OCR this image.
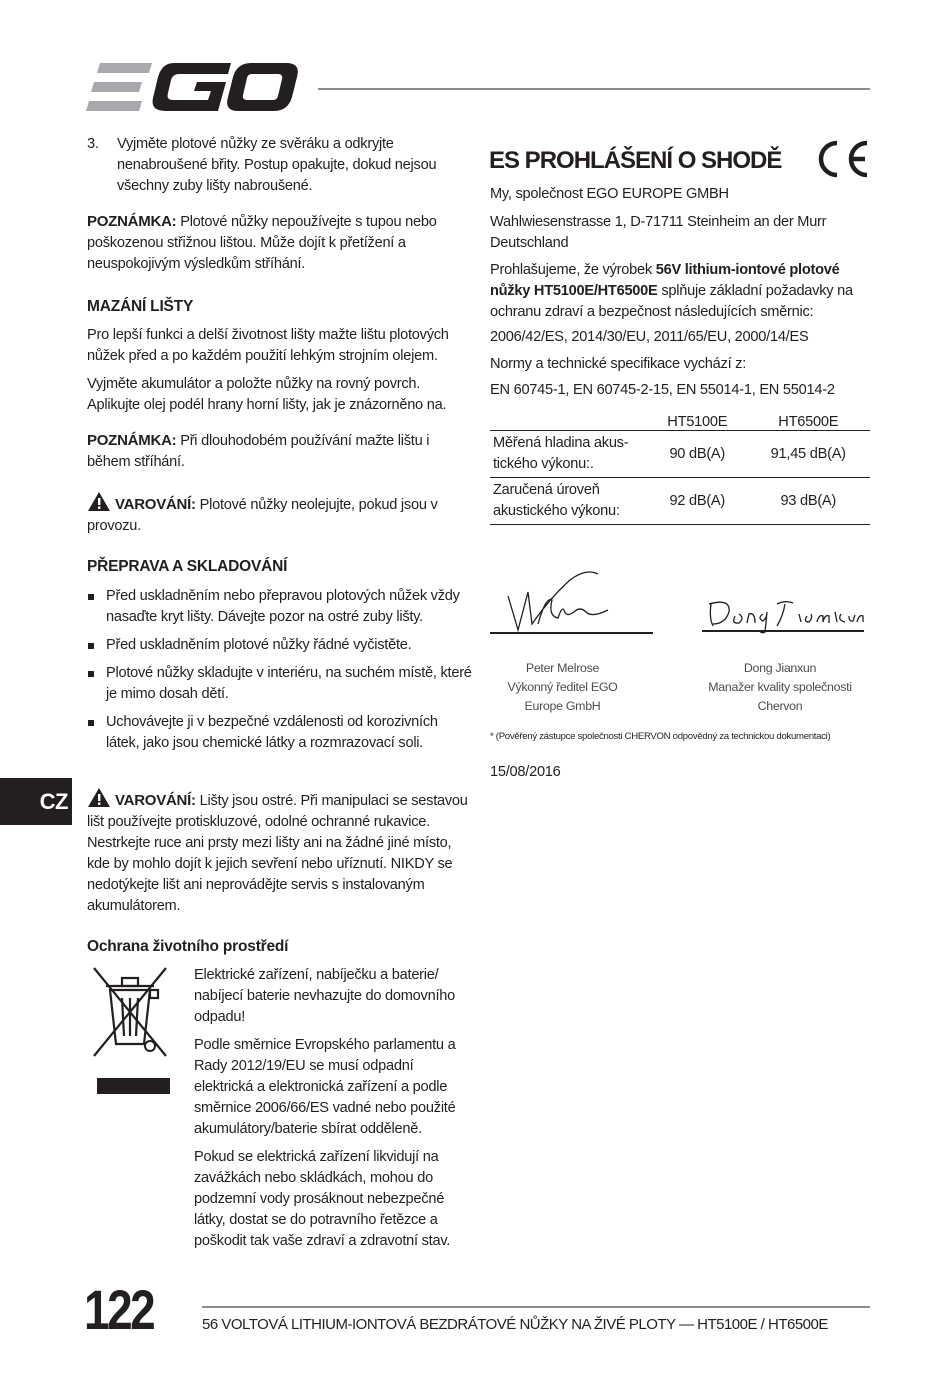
3.	Vyjměte plotové nůžky ze svěráku a odkryjte nenabroušené břity. Postup opakujte, dokud nejsou všechny zuby lišty nabroušené.

POZNÁMKA: Plotové nůžky nepoužívejte s tupou nebo poškozenou střižnou lištou. Může dojít k přetížení a neuspokojivým výsledkům stříhání.

MAZÁNÍ LIŠTY

Pro lepší funkci a delší životnost lišty mažte lištu plotových nůžek před a po každém použití lehkým strojním olejem.

Vyjměte akumulátor a položte nůžky na rovný povrch. Aplikujte olej podél hrany horní lišty, jak je znázorněno na.

POZNÁMKA: Při dlouhodobém používání mažte lištu i během stříhání.

VAROVÁNÍ: Plotové nůžky neolejujte, pokud jsou v provozu.

PŘEPRAVA A SKLADOVÁNÍ
Před uskladněním nebo přepravou plotových nůžek vždy nasaďte kryt lišty. Dávejte pozor na ostré zuby lišty.
Před uskladněním plotové nůžky řádné vyčistěte.
Plotové nůžky skladujte v interiéru, na suchém místě, které je mimo dosah dětí.
Uchovávejte ji v bezpečné vzdálenosti od korozivních látek, jako jsou chemické látky a rozmrazovací soli.

VAROVÁNÍ: Lišty jsou ostré. Při manipulaci se sestavou lišt používejte protiskluzové, odolné ochranné rukavice. Nestrkejte ruce ani prsty mezi lišty ani na žádné jiné místo, kde by mohlo dojít k jejich sevření nebo uříznutí. NIKDY se nedotýkejte lišt ani neprovádějte servis s instalovaným akumulátorem.

Ochrana životního prostředí

Elektrické zařízení, nabíječku a baterie/ nabíjecí baterie nevhazujte do domovního odpadu!

Podle směrnice Evropského parlamentu a Rady 2012/19/EU se musí odpadní elektrická a elektronická zařízení a podle směrnice 2006/66/ES vadné nebo použité akumulátory/baterie sbírat odděleně.

Pokud se elektrická zařízení likvidují na zavážkách nebo skládkách, mohou do podzemní vody prosáknout nebezpečné látky, dostat se do potravního řetězce a poškodit tak vaše zdraví a zdravotní stav.

CZ
ES PROHLÁŠENÍ O SHODĚ

My, společnost EGO EUROPE GMBH

Wahlwiesenstrasse 1, D-71711 Steinheim an der Murr Deutschland

Prohlašujeme, že výrobek 56V lithium-iontové plotové nůžky HT5100E/HT6500E splňuje základní požadavky na ochranu zdraví a bezpečnost následujících směrnic:

2006/42/ES, 2014/30/EU, 2011/65/EU, 2000/14/ES

Normy a technické specifikace vychází z:

EN 60745-1, EN 60745-2-15, EN 55014-1, EN 55014-2

	HT5100E	HT6500E
Měřená hladina akus-tického výkonu:.	90 dB(A)	91,45 dB(A)
Zaručená úroveň akustického výkonu:	92 dB(A)	93 dB(A)
Peter Melrose
Výkonný ředitel EGO
Europe GmbH
Dong Jianxun
Manažer kvality společnosti
Chervon

* (Pověřený zástupce společnosti CHERVON odpovědný za technickou dokumentaci)

15/08/2016

122	56 VOLTOVÁ LITHIUM-IONTOVÁ BEZDRÁTOVÉ NŮŽKY NA ŽIVÉ PLOTY — HT5100E / HT6500E
